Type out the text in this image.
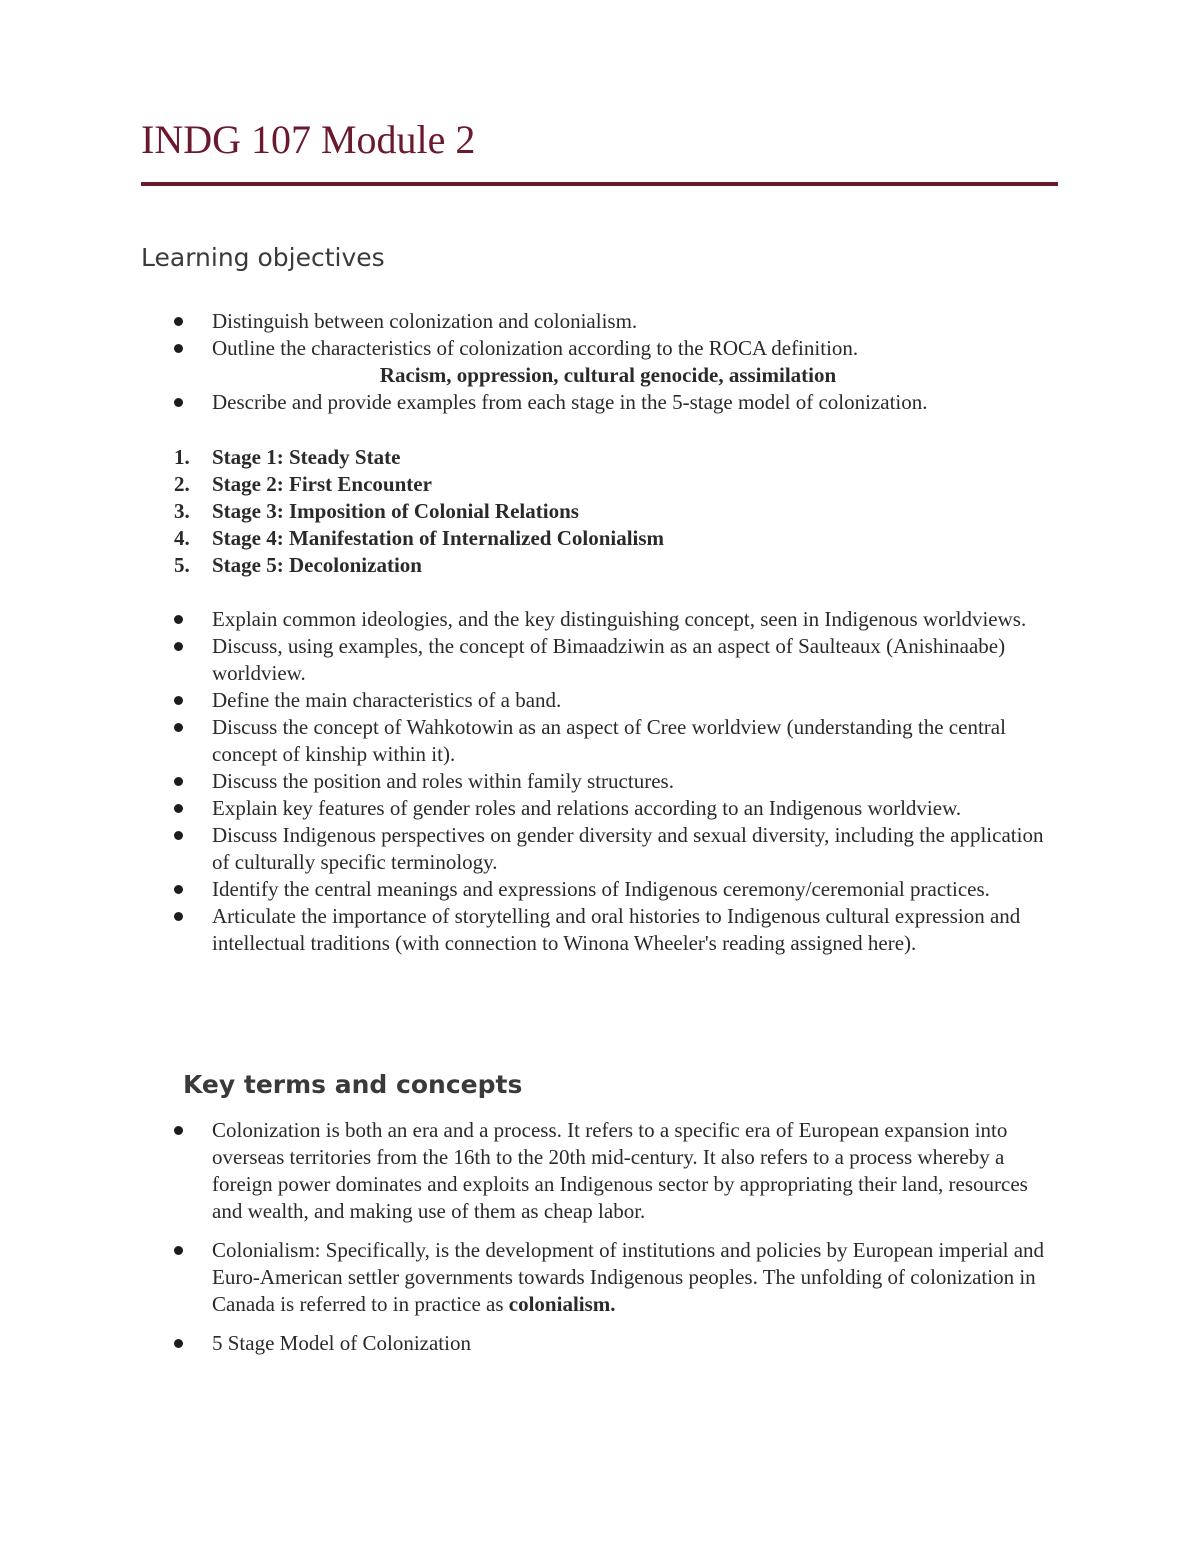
INDG 107 Module 2
Learning objectives
Distinguish between colonization and colonialism.
Outline the characteristics of colonization according to the ROCA definition.
Racism, oppression, cultural genocide, assimilation
Describe and provide examples from each stage in the 5-stage model of colonization.
1. Stage 1: Steady State
2. Stage 2: First Encounter
3. Stage 3: Imposition of Colonial Relations
4. Stage 4: Manifestation of Internalized Colonialism
5. Stage 5: Decolonization
Explain common ideologies, and the key distinguishing concept, seen in Indigenous worldviews.
Discuss, using examples, the concept of Bimaadziwin as an aspect of Saulteaux (Anishinaabe) worldview.
Define the main characteristics of a band.
Discuss the concept of Wahkotowin as an aspect of Cree worldview (understanding the central concept of kinship within it).
Discuss the position and roles within family structures.
Explain key features of gender roles and relations according to an Indigenous worldview.
Discuss Indigenous perspectives on gender diversity and sexual diversity, including the application of culturally specific terminology.
Identify the central meanings and expressions of Indigenous ceremony/ceremonial practices.
Articulate the importance of storytelling and oral histories to Indigenous cultural expression and intellectual traditions (with connection to Winona Wheeler's reading assigned here).
Key terms and concepts
Colonization is both an era and a process. It refers to a specific era of European expansion into overseas territories from the 16th to the 20th mid-century. It also refers to a process whereby a foreign power dominates and exploits an Indigenous sector by appropriating their land, resources and wealth, and making use of them as cheap labor.
Colonialism: Specifically, is the development of institutions and policies by European imperial and Euro-American settler governments towards Indigenous peoples. The unfolding of colonization in Canada is referred to in practice as colonialism.
5 Stage Model of Colonization
